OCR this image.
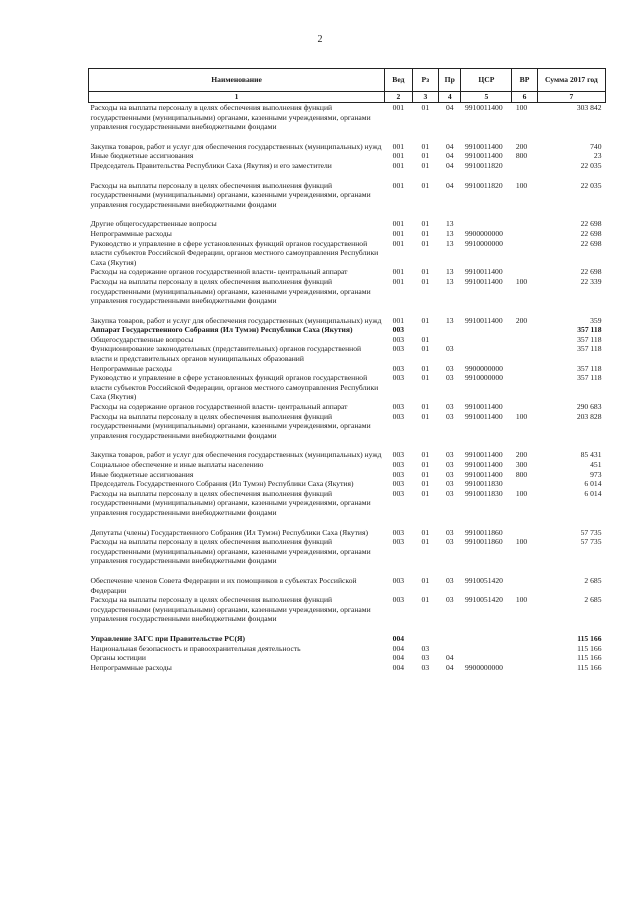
2
Наименование	Вед	Рз	Пр	ЦСР	ВР	Сумма 2017 год
1	2	3	4	5	6	7
Расходы на выплаты персоналу в целях обеспечения выполнения функций государственными (муниципальными) органами, казенными учреждениями, органами управления государственными внебюджетными фондами	001	01	04	9910011400	100	303 842

Закупка товаров, работ и услуг для обеспечения государственных (муниципальных) нужд	001	01	04	9910011400	200	740
Иные бюджетные ассигнования	001	01	04	9910011400	800	23
Председатель Правительства Республики Саха (Якутия) и его заместители	001	01	04	9910011820		22 035

Расходы на выплаты персоналу в целях обеспечения выполнения функций государственными (муниципальными) органами, казенными учреждениями, органами управления государственными внебюджетными фондами	001	01	04	9910011820	100	22 035

Другие общегосударственные вопросы	001	01	13			22 698
Непрограммные расходы	001	01	13	9900000000		22 698
Руководство и управление в сфере установленных функций органов государственной власти субъектов Российской Федерации, органов местного самоуправления Республики Саха (Якутия)	001	01	13	9910000000		22 698
Расходы на содержание органов государственной власти- центральный аппарат	001	01	13	9910011400		22 698
Расходы на выплаты персоналу в целях обеспечения выполнения функций государственными (муниципальными) органами, казенными учреждениями, органами управления государственными внебюджетными фондами	001	01	13	9910011400	100	22 339

Закупка товаров, работ и услуг для обеспечения государственных (муниципальных) нужд	001	01	13	9910011400	200	359
Аппарат Государственного Собрания (Ил Тумэн) Республики Саха (Якутия)	003					357 118
Общегосударственные вопросы	003	01				357 118
Функционирование законодательных (представительных) органов государственной власти и представительных органов муниципальных образований	003	01	03			357 118
Непрограммные расходы	003	01	03	9900000000		357 118
Руководство и управление в сфере установленных функций органов государственной власти субъектов Российской Федерации, органов местного самоуправления Республики Саха (Якутия)	003	01	03	9910000000		357 118
Расходы на содержание органов государственной власти- центральный аппарат	003	01	03	9910011400		290 683
Расходы на выплаты персоналу в целях обеспечения выполнения функций государственными (муниципальными) органами, казенными учреждениями, органами управления государственными внебюджетными фондами	003	01	03	9910011400	100	203 828

Закупка товаров, работ и услуг для обеспечения государственных (муниципальных) нужд	003	01	03	9910011400	200	85 431
Социальное обеспечение и иные выплаты населению	003	01	03	9910011400	300	451
Иные бюджетные ассигнования	003	01	03	9910011400	800	973
Председатель Государственного Собрания (Ил Тумэн) Республики Саха (Якутия)	003	01	03	9910011830		6 014
Расходы на выплаты персоналу в целях обеспечения выполнения функций государственными (муниципальными) органами, казенными учреждениями, органами управления государственными внебюджетными фондами	003	01	03	9910011830	100	6 014

Депутаты (члены) Государственного Собрания (Ил Тумэн) Республики Саха (Якутия)	003	01	03	9910011860		57 735
Расходы на выплаты персоналу в целях обеспечения выполнения функций государственными (муниципальными) органами, казенными учреждениями, органами управления государственными внебюджетными фондами	003	01	03	9910011860	100	57 735

Обеспечение членов Совета Федерации и их помощников в субъектах Российской Федерации	003	01	03	9910051420		2 685
Расходы на выплаты персоналу в целях обеспечения выполнения функций государственными (муниципальными) органами, казенными учреждениями, органами управления государственными внебюджетными фондами	003	01	03	9910051420	100	2 685

Управление ЗАГС при Правительстве РС(Я)	004					115 166
Национальная безопасность и правоохранительная деятельность	004	03				115 166
Органы юстиции	004	03	04			115 166
Непрограммные расходы	004	03	04	9900000000		115 166
